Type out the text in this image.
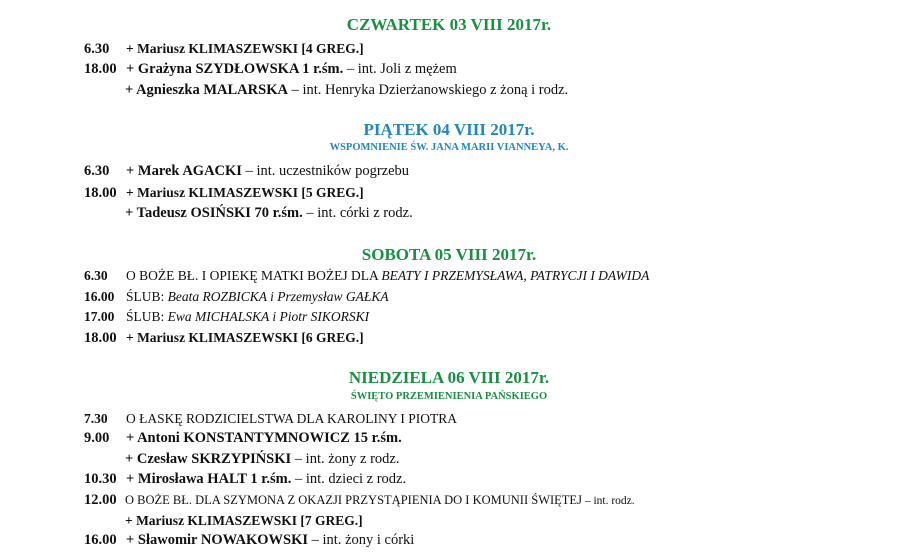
CZWARTEK 03 VIII 2017r.
6.30 + Mariusz KLIMASZEWSKI [4 GREG.]
18.00 + Grażyna SZYDŁOWSKA 1 r.śm. – int. Joli z mężem
+ Agnieszka MALARSKA – int. Henryka Dzierżanowskiego z żoną i rodz.
PIĄTEK 04 VIII 2017r.
WSPOMNIENIE ŚW. JANA MARII VIANNEYA, K.
6.30 + Marek AGACKI – int. uczestników pogrzebu
18.00 + Mariusz KLIMASZEWSKI [5 GREG.]
+ Tadeusz OSIŃSKI 70 r.śm. – int. córki z rodz.
SOBOTA 05 VIII 2017r.
6.30 O BOŻE BŁ. I OPIEKĘ MATKI BOŻEJ DLA BEATY I PRZEMYSŁAWA, PATRYCJI I DAWIDA
16.00 ŚLUB: Beata ROZBICKA i Przemysław GAŁKA
17.00 ŚLUB: Ewa MICHALSKA i Piotr SIKORSKI
18.00 + Mariusz KLIMASZEWSKI [6 GREG.]
NIEDZIELA 06 VIII 2017r.
ŚWIĘTO PRZEMIENIENIA PAŃSKIEGO
7.30 O ŁASKĘ RODZICIELSTWA DLA KAROLINY I PIOTRA
9.00 + Antoni KONSTANTYMNOWICZ 15 r.śm.
+ Czesław SKRZYPIŃSKI – int. żony z rodz.
10.30 + Mirosława HALT 1 r.śm. – int. dzieci z rodz.
12.00 O BOŻE BŁ. DLA SZYMONA Z OKAZJI PRZYSTĄPIENIA DO I KOMUNII ŚWIĘTEJ – int. rodz.
+ Mariusz KLIMASZEWSKI [7 GREG.]
16.00 + Sławomir NOWAKOWSKI – int. żony i córki
